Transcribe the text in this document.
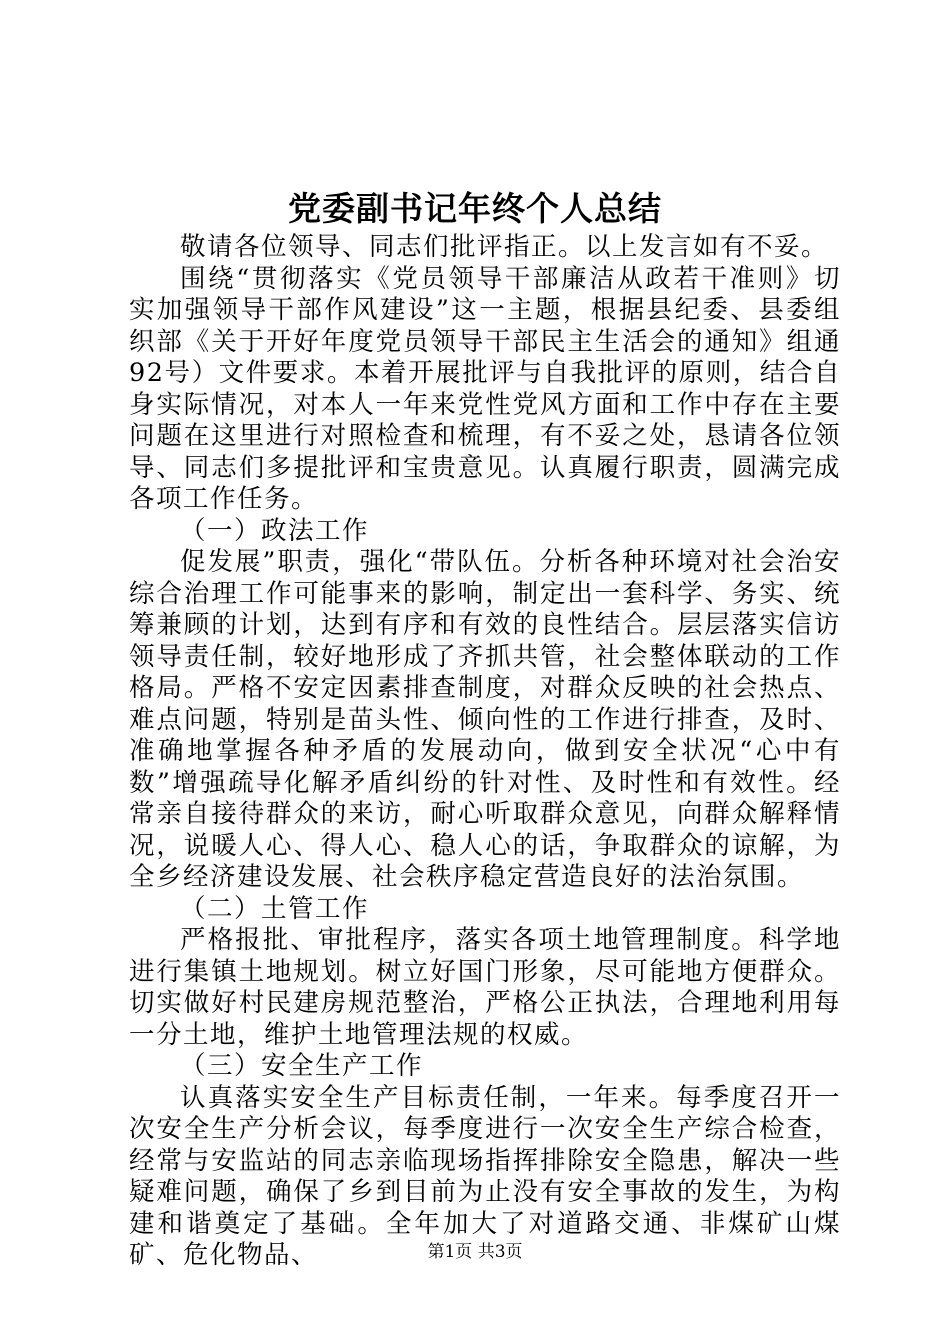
党委副书记年终个人总结

敬请各位领导、同志们批评指正。以上发言如有不妥。

围绕“贯彻落实《党员领导干部廉洁从政若干准则》切实加强领导干部作风建设”这一主题，根据县纪委、县委组织部《关于开好年度党员领导干部民主生活会的通知》组通92号）文件要求。本着开展批评与自我批评的原则，结合自身实际情况，对本人一年来党性党风方面和工作中存在主要问题在这里进行对照检查和梳理，有不妥之处，恳请各位领导、同志们多提批评和宝贵意见。认真履行职责，圆满完成各项工作任务。

（一）政法工作

促发展”职责，强化“带队伍。分析各种环境对社会治安综合治理工作可能事来的影响，制定出一套科学、务实、统筹兼顾的计划，达到有序和有效的良性结合。层层落实信访领导责任制，较好地形成了齐抓共管，社会整体联动的工作格局。严格不安定因素排查制度，对群众反映的社会热点、难点问题，特别是苗头性、倾向性的工作进行排查，及时、准确地掌握各种矛盾的发展动向，做到安全状况“心中有数”增强疏导化解矛盾纠纷的针对性、及时性和有效性。经常亲自接待群众的来访，耐心听取群众意见，向群众解释情况，说暖人心、得人心、稳人心的话，争取群众的谅解，为全乡经济建设发展、社会秩序稳定营造良好的法治氛围。

（二）土管工作

严格报批、审批程序，落实各项土地管理制度。科学地进行集镇土地规划。树立好国门形象，尽可能地方便群众。切实做好村民建房规范整治，严格公正执法，合理地利用每一分土地，维护土地管理法规的权威。

（三）安全生产工作

认真落实安全生产目标责任制，一年来。每季度召开一次安全生产分析会议，每季度进行一次安全生产综合检查，经常与安监站的同志亲临现场指挥排除安全隐患，解决一些疑难问题，确保了乡到目前为止没有安全事故的发生，为构建和谐奠定了基础。全年加大了对道路交通、非煤矿山煤矿、危化物品、	第1页 共3页
